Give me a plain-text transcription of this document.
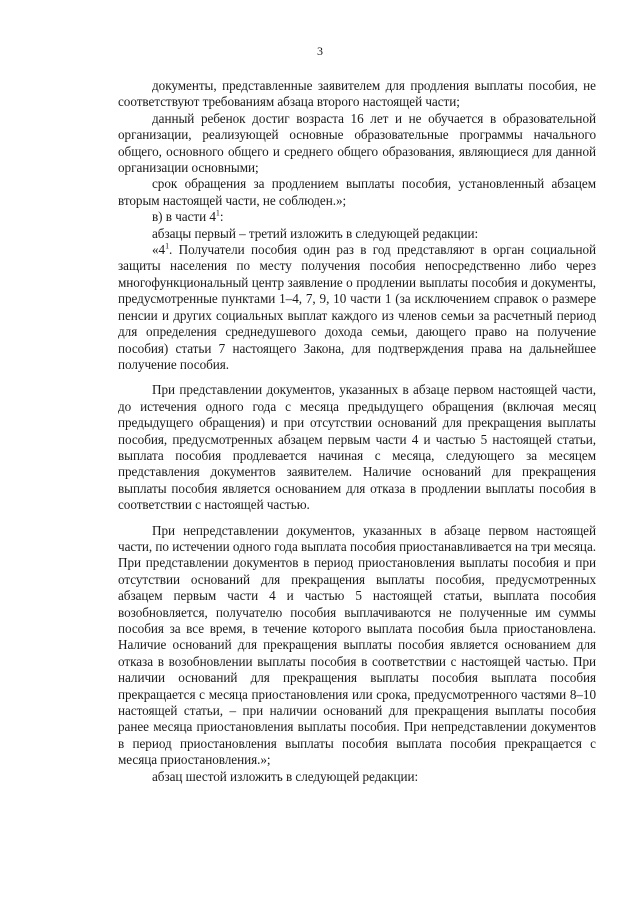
3

документы, представленные заявителем для продления выплаты пособия, не соответствуют требованиям абзаца второго настоящей части;

данный ребенок достиг возраста 16 лет и не обучается в образовательной организации, реализующей основные образовательные программы начального общего, основного общего и среднего общего образования, являющиеся для данной организации основными;

срок обращения за продлением выплаты пособия, установленный абзацем вторым настоящей части, не соблюден.»;

в) в части $4^1$:

абзацы первый – третий изложить в следующей редакции:

«$4^1$. Получатели пособия один раз в год представляют в орган социальной защиты населения по месту получения пособия непосредственно либо через многофункциональный центр заявление о продлении выплаты пособия и документы, предусмотренные пунктами 1–4, 7, 9, 10 части 1 (за исключением справок о размере пенсии и других социальных выплат каждого из членов семьи за расчетный период для определения среднедушевого дохода семьи, дающего право на получение пособия) статьи 7 настоящего Закона, для подтверждения права на дальнейшее получение пособия.

При представлении документов, указанных в абзаце первом настоящей части, до истечения одного года с месяца предыдущего обращения (включая месяц предыдущего обращения) и при отсутствии оснований для прекращения выплаты пособия, предусмотренных абзацем первым части 4 и частью 5 настоящей статьи, выплата пособия продлевается начиная с месяца, следующего за месяцем представления документов заявителем. Наличие оснований для прекращения выплаты пособия является основанием для отказа в продлении выплаты пособия в соответствии с настоящей частью.

При непредставлении документов, указанных в абзаце первом настоящей части, по истечении одного года выплата пособия приостанавливается на три месяца. При представлении документов в период приостановления выплаты пособия и при отсутствии оснований для прекращения выплаты пособия, предусмотренных абзацем первым части 4 и частью 5 настоящей статьи, выплата пособия возобновляется, получателю пособия выплачиваются не полученные им суммы пособия за все время, в течение которого выплата пособия была приостановлена. Наличие оснований для прекращения выплаты пособия является основанием для отказа в возобновлении выплаты пособия в соответствии с настоящей частью. При наличии оснований для прекращения выплаты пособия выплата пособия прекращается с месяца приостановления или срока, предусмотренного частями 8–10 настоящей статьи, – при наличии оснований для прекращения выплаты пособия ранее месяца приостановления выплаты пособия. При непредставлении документов в период приостановления выплаты пособия выплата пособия прекращается с месяца приостановления.»;

абзац шестой изложить в следующей редакции:
